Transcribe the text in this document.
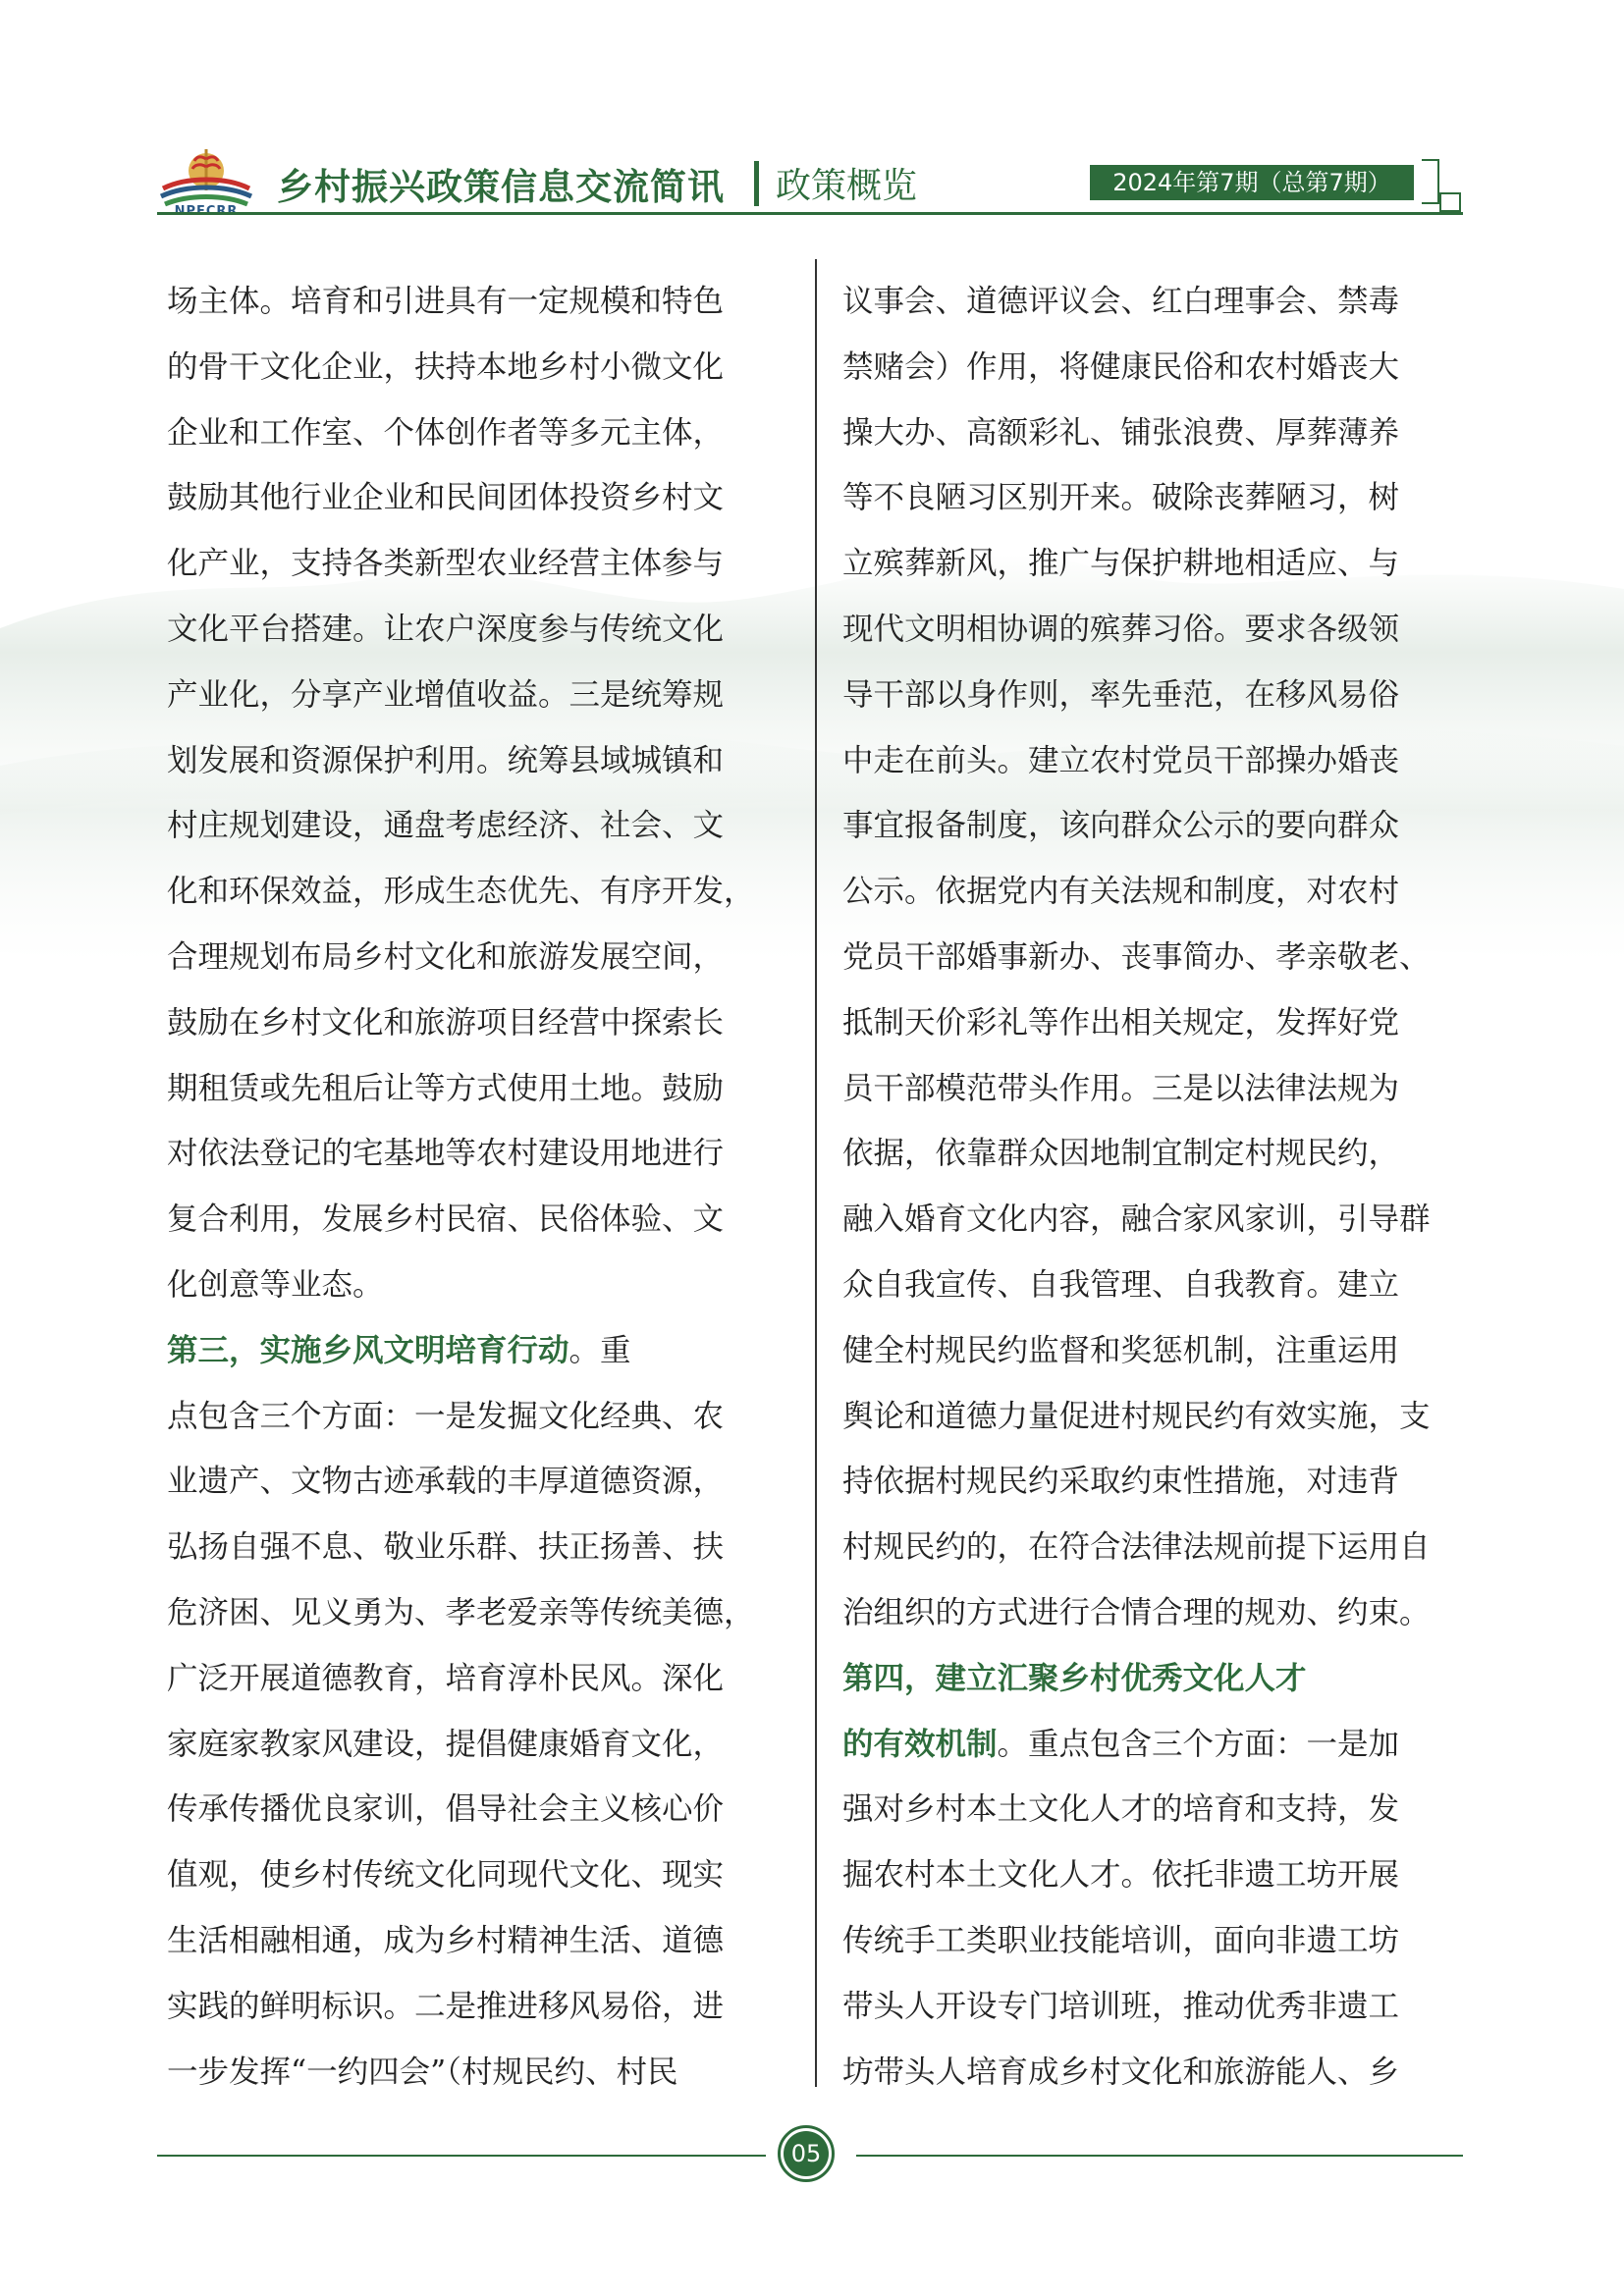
乡村振兴政策信息交流简讯 政策概览	2024年第7期（总第7期）
场主体。培育和引进具有一定规模和特色
的骨干文化企业，扶持本地乡村小微文化
企业和工作室、个体创作者等多元主体，
鼓励其他行业企业和民间团体投资乡村文
化产业，支持各类新型农业经营主体参与
文化平台搭建。让农户深度参与传统文化
产业化，分享产业增值收益。三是统筹规
划发展和资源保护利用。统筹县域城镇和
村庄规划建设，通盘考虑经济、社会、文
化和环保效益，形成生态优先、有序开发，
合理规划布局乡村文化和旅游发展空间，
鼓励在乡村文化和旅游项目经营中探索长
期租赁或先租后让等方式使用土地。鼓励
对依法登记的宅基地等农村建设用地进行
复合利用，发展乡村民宿、民俗体验、文
化创意等业态。
第三，实施乡风文明培育行动。重
点包含三个方面：一是发掘文化经典、农
业遗产、文物古迹承载的丰厚道德资源，
弘扬自强不息、敬业乐群、扶正扬善、扶
危济困、见义勇为、孝老爱亲等传统美德，
广泛开展道德教育，培育淳朴民风。深化
家庭家教家风建设，提倡健康婚育文化，
传承传播优良家训，倡导社会主义核心价
值观，使乡村传统文化同现代文化、现实
生活相融相通，成为乡村精神生活、道德
实践的鲜明标识。二是推进移风易俗，进
一步发挥“一约四会”（村规民约、村民
议事会、道德评议会、红白理事会、禁毒
禁赌会）作用，将健康民俗和农村婚丧大
操大办、高额彩礼、铺张浪费、厚葬薄养
等不良陋习区别开来。破除丧葬陋习，树
立殡葬新风，推广与保护耕地相适应、与
现代文明相协调的殡葬习俗。要求各级领
导干部以身作则，率先垂范，在移风易俗
中走在前头。建立农村党员干部操办婚丧
事宜报备制度，该向群众公示的要向群众
公示。依据党内有关法规和制度，对农村
党员干部婚事新办、丧事简办、孝亲敬老、
抵制天价彩礼等作出相关规定，发挥好党
员干部模范带头作用。三是以法律法规为
依据，依靠群众因地制宜制定村规民约，
融入婚育文化内容，融合家风家训，引导群
众自我宣传、自我管理、自我教育。建立
健全村规民约监督和奖惩机制，注重运用
舆论和道德力量促进村规民约有效实施，支
持依据村规民约采取约束性措施，对违背
村规民约的，在符合法律法规前提下运用自
治组织的方式进行合情合理的规劝、约束。
第四，建立汇聚乡村优秀文化人才
的有效机制。重点包含三个方面：一是加
强对乡村本土文化人才的培育和支持，发
掘农村本土文化人才。依托非遗工坊开展
传统手工类职业技能培训，面向非遗工坊
带头人开设专门培训班，推动优秀非遗工
坊带头人培育成乡村文化和旅游能人、乡
05
